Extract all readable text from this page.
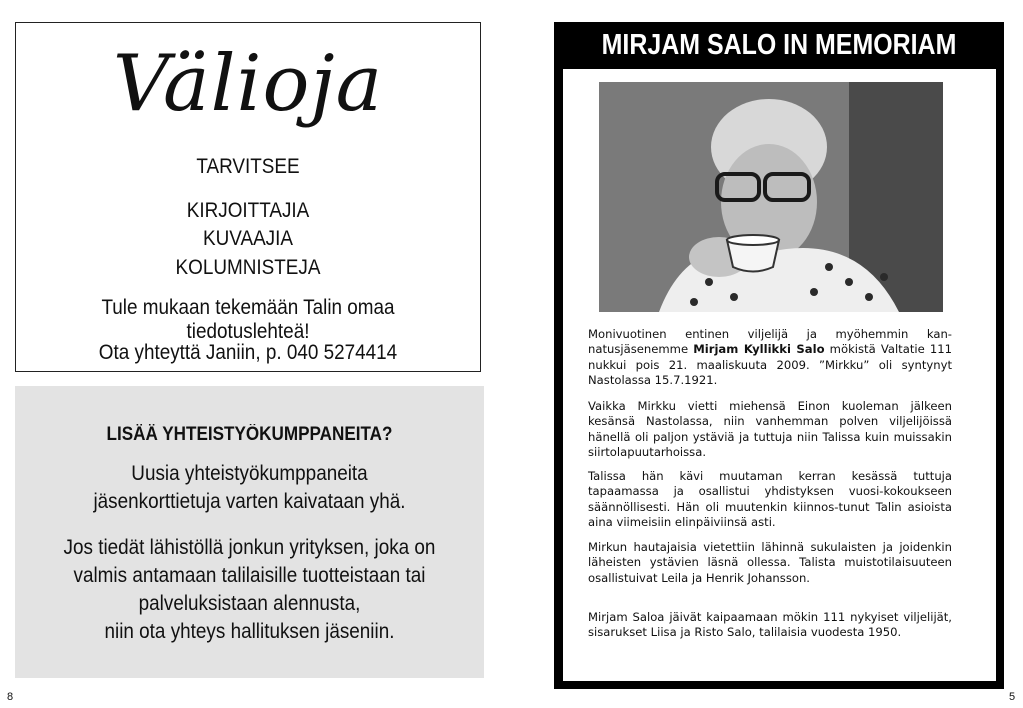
Välioja
TARVITSEE
KIRJOITTAJIA
KUVAAJIA
KOLUMNISTEJA
Tule mukaan tekemään Talin omaa tiedotuslehteä!
Ota yhteyttä Janiin, p. 040 5274414
LISÄÄ YHTEISTYÖKUMPPANEITA?
Uusia yhteistyökumppaneita
jäsenkorttietuja varten kaivataan yhä.
Jos tiedät lähistöllä jonkun yrityksen, joka on
valmis antamaan talilaisille tuotteistaan tai
palveluksistaan alennusta,
niin ota yhteys hallituksen jäseniin.
MIRJAM SALO IN MEMORIAM

Monivuotinen entinen viljelijä ja myöhemmin kan-natusjäsenemme Mirjam Kyllikki Salo mökistä Valtatie 111 nukkui pois 21. maaliskuuta 2009. ”Mirkku” oli syntynyt Nastolassa 15.7.1921.

Vaikka Mirkku vietti miehensä Einon kuoleman jälkeen kesänsä Nastolassa, niin vanhemman polven viljelijöissä hänellä oli paljon ystäviä ja tuttuja niin Talissa kuin muissakin siirtolapuutarhoissa.

Talissa hän kävi muutaman kerran kesässä tuttuja tapaamassa ja osallistui yhdistyksen vuosi-kokoukseen säännöllisesti. Hän oli muutenkin kiinnos-tunut Talin asioista aina viimeisiin elinpäiviinsä asti.

Mirkun hautajaisia vietettiin lähinnä sukulaisten ja joidenkin läheisten ystävien läsnä ollessa. Talista muistotilaisuuteen osallistuivat Leila ja Henrik Johansson.

Mirjam Saloa jäivät kaipaamaan mökin 111 nykyiset viljelijät, sisarukset Liisa ja Risto Salo, talilaisia vuodesta 1950.

8	5
